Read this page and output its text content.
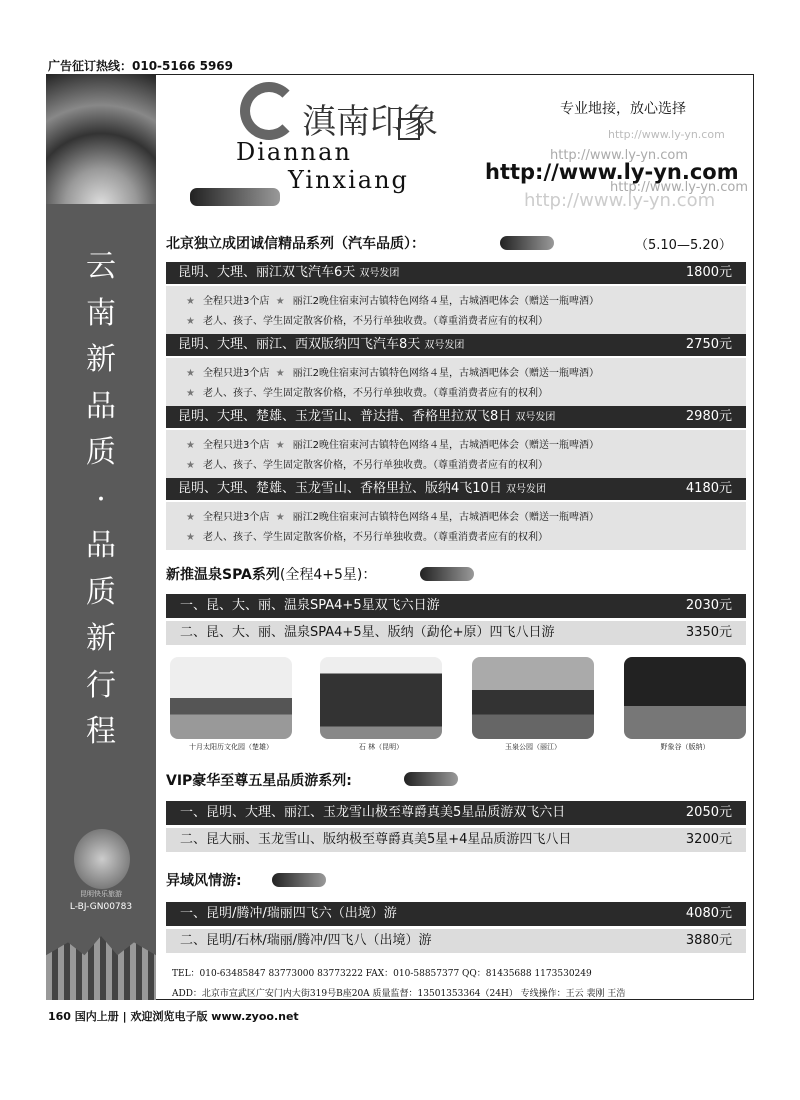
广告征订热线：010-5166 5969
云
南
新
品
质
·
品
质
新
行
程
昆明快乐旅游
L-BJ-GN00783
滇南印象
Diannan
Yinxiang
专业地接，放心选择
http://www.ly-yn.com
http://www.ly-yn.com
http://www.ly-yn.com
http://www.ly-yn.com
http://www.ly-yn.com
北京独立成团诚信精品系列（汽车品质）：	（5.10—5.20）
昆明、大理、丽江双飞汽车6天 双号发团	1800元
★ 全程只进3个店 ★ 丽江2晚住宿束河古镇特色网络４星，古城酒吧体会（赠送一瓶啤酒）
★ 老人、孩子、学生固定散客价格，不另行单独收费。（尊重消费者应有的权利）
昆明、大理、丽江、西双版纳四飞汽车8天 双号发团	2750元
★ 全程只进3个店 ★ 丽江2晚住宿束河古镇特色网络４星，古城酒吧体会（赠送一瓶啤酒）
★ 老人、孩子、学生固定散客价格，不另行单独收费。（尊重消费者应有的权利）
昆明、大理、楚雄、玉龙雪山、普达措、香格里拉双飞8日 双号发团	2980元
★ 全程只进3个店 ★ 丽江2晚住宿束河古镇特色网络４星，古城酒吧体会（赠送一瓶啤酒）
★ 老人、孩子、学生固定散客价格，不另行单独收费。（尊重消费者应有的权利）
昆明、大理、楚雄、玉龙雪山、香格里拉、版纳4飞10日 双号发团	4180元
★ 全程只进3个店 ★ 丽江2晚住宿束河古镇特色网络４星，古城酒吧体会（赠送一瓶啤酒）
★ 老人、孩子、学生固定散客价格，不另行单独收费。（尊重消费者应有的权利）
新推温泉SPA系列(全程4+5星)：
一、昆、大、丽、温泉SPA4+5星双飞六日游	2030元
二、昆、大、丽、温泉SPA4+5星、版纳（勐伦+原）四飞八日游	3350元
十月太阳历文化园（楚雄）	石 林（昆明）	玉泉公园（丽江）	野象谷（版纳）
VIP豪华至尊五星品质游系列:
一、昆明、大理、丽江、玉龙雪山极至尊爵真美5星品质游双飞六日	2050元
二、昆大丽、玉龙雪山、版纳极至尊爵真美5星+4星品质游四飞八日	3200元
异域风情游:
一、昆明/腾冲/瑞丽四飞六（出境）游	4080元
二、昆明/石林/瑞丽/腾冲/四飞八（出境）游	3880元
TEL：010-63485847 83773000 83773222 FAX：010-58857377 QQ：81435688 1173530249
ADD：北京市宣武区广安门内大街319号B座20A 质量监督：13501353364（24H） 专线操作：王云 裴刚 王浩
160 国内上册 | 欢迎浏览电子版 www.zyoo.net
